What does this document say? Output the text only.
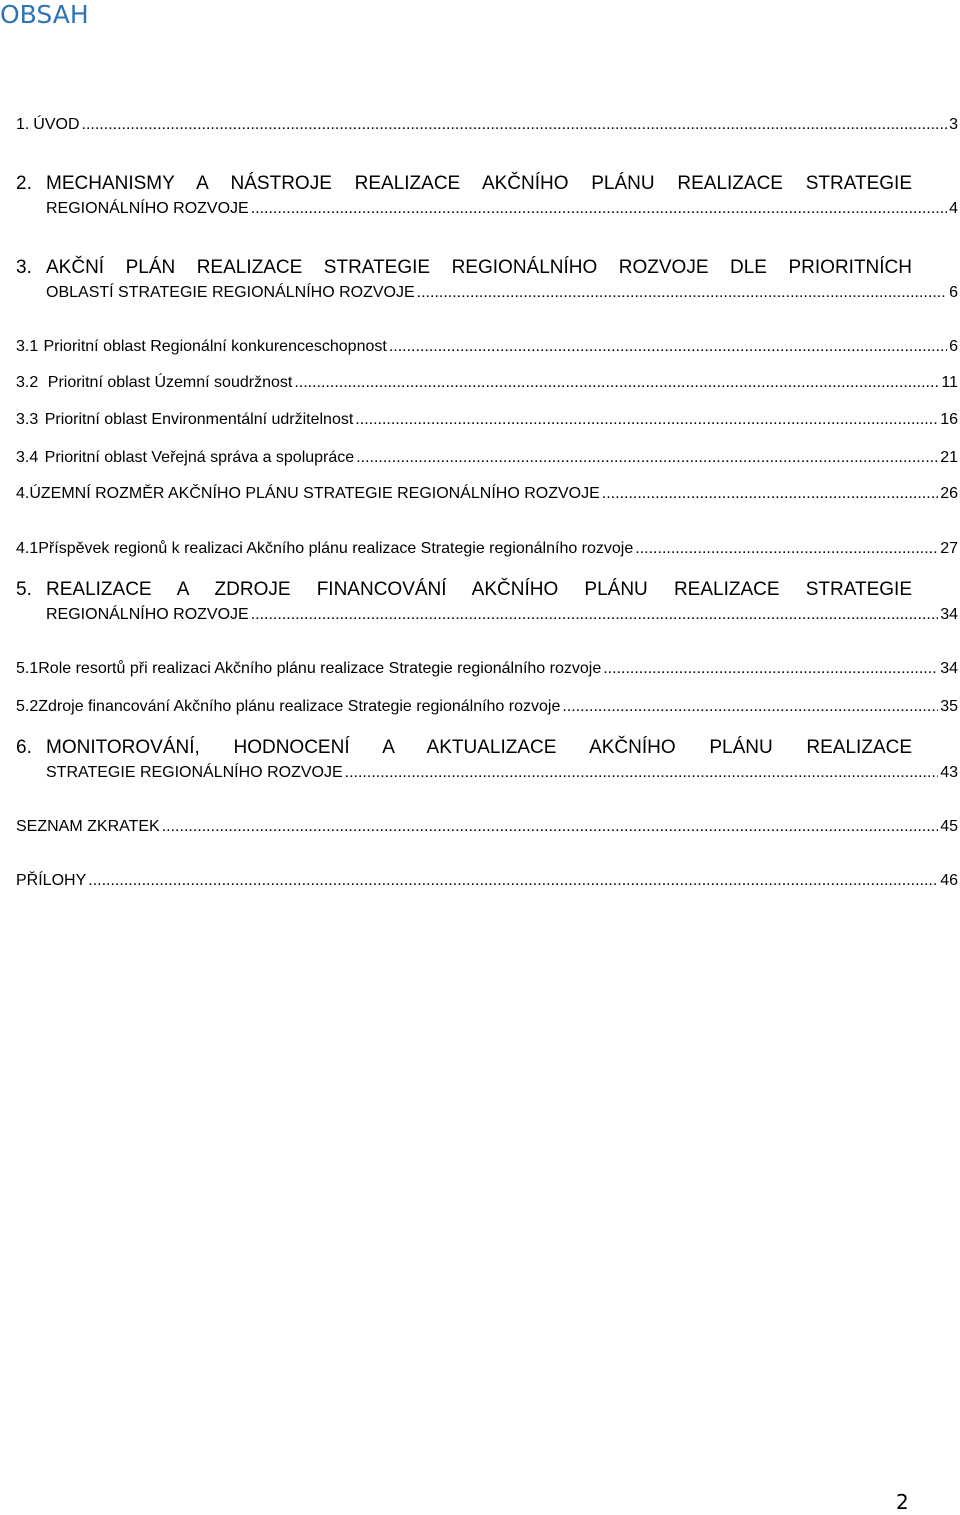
OBSAH
1. ÚVOD .....	3
2. MECHANISMY A NÁSTROJE REALIZACE AKČNÍHO PLÁNU REALIZACE STRATEGIE
REGIONÁLNÍHO ROZVOJE .....	4
3. AKČNÍ PLÁN REALIZACE STRATEGIE REGIONÁLNÍHO ROZVOJE DLE PRIORITNÍCH
OBLASTÍ STRATEGIE REGIONÁLNÍHO ROZVOJE .....	6
3.1 Prioritní oblast Regionální konkurenceschopnost .....	6
3.2 Prioritní oblast Územní soudržnost .....	11
3.3 Prioritní oblast Environmentální udržitelnost .....	16
3.4 Prioritní oblast Veřejná správa a spolupráce .....	21
4. ÚZEMNÍ ROZMĚR AKČNÍHO PLÁNU STRATEGIE REGIONÁLNÍHO ROZVOJE .....	26
4.1 Příspěvek regionů k realizaci Akčního plánu realizace Strategie regionálního rozvoje .....	27
5. REALIZACE A ZDROJE FINANCOVÁNÍ AKČNÍHO PLÁNU REALIZACE STRATEGIE
REGIONÁLNÍHO ROZVOJE .....	34
5.1 Role resortů při realizaci Akčního plánu realizace Strategie regionálního rozvoje .....	34
5.2 Zdroje financování Akčního plánu realizace Strategie regionálního rozvoje .....	35
6. MONITOROVÁNÍ, HODNOCENÍ A AKTUALIZACE AKČNÍHO PLÁNU REALIZACE
STRATEGIE REGIONÁLNÍHO ROZVOJE .....	43
SEZNAM ZKRATEK .....	45
PŘÍLOHY .....	46
2
